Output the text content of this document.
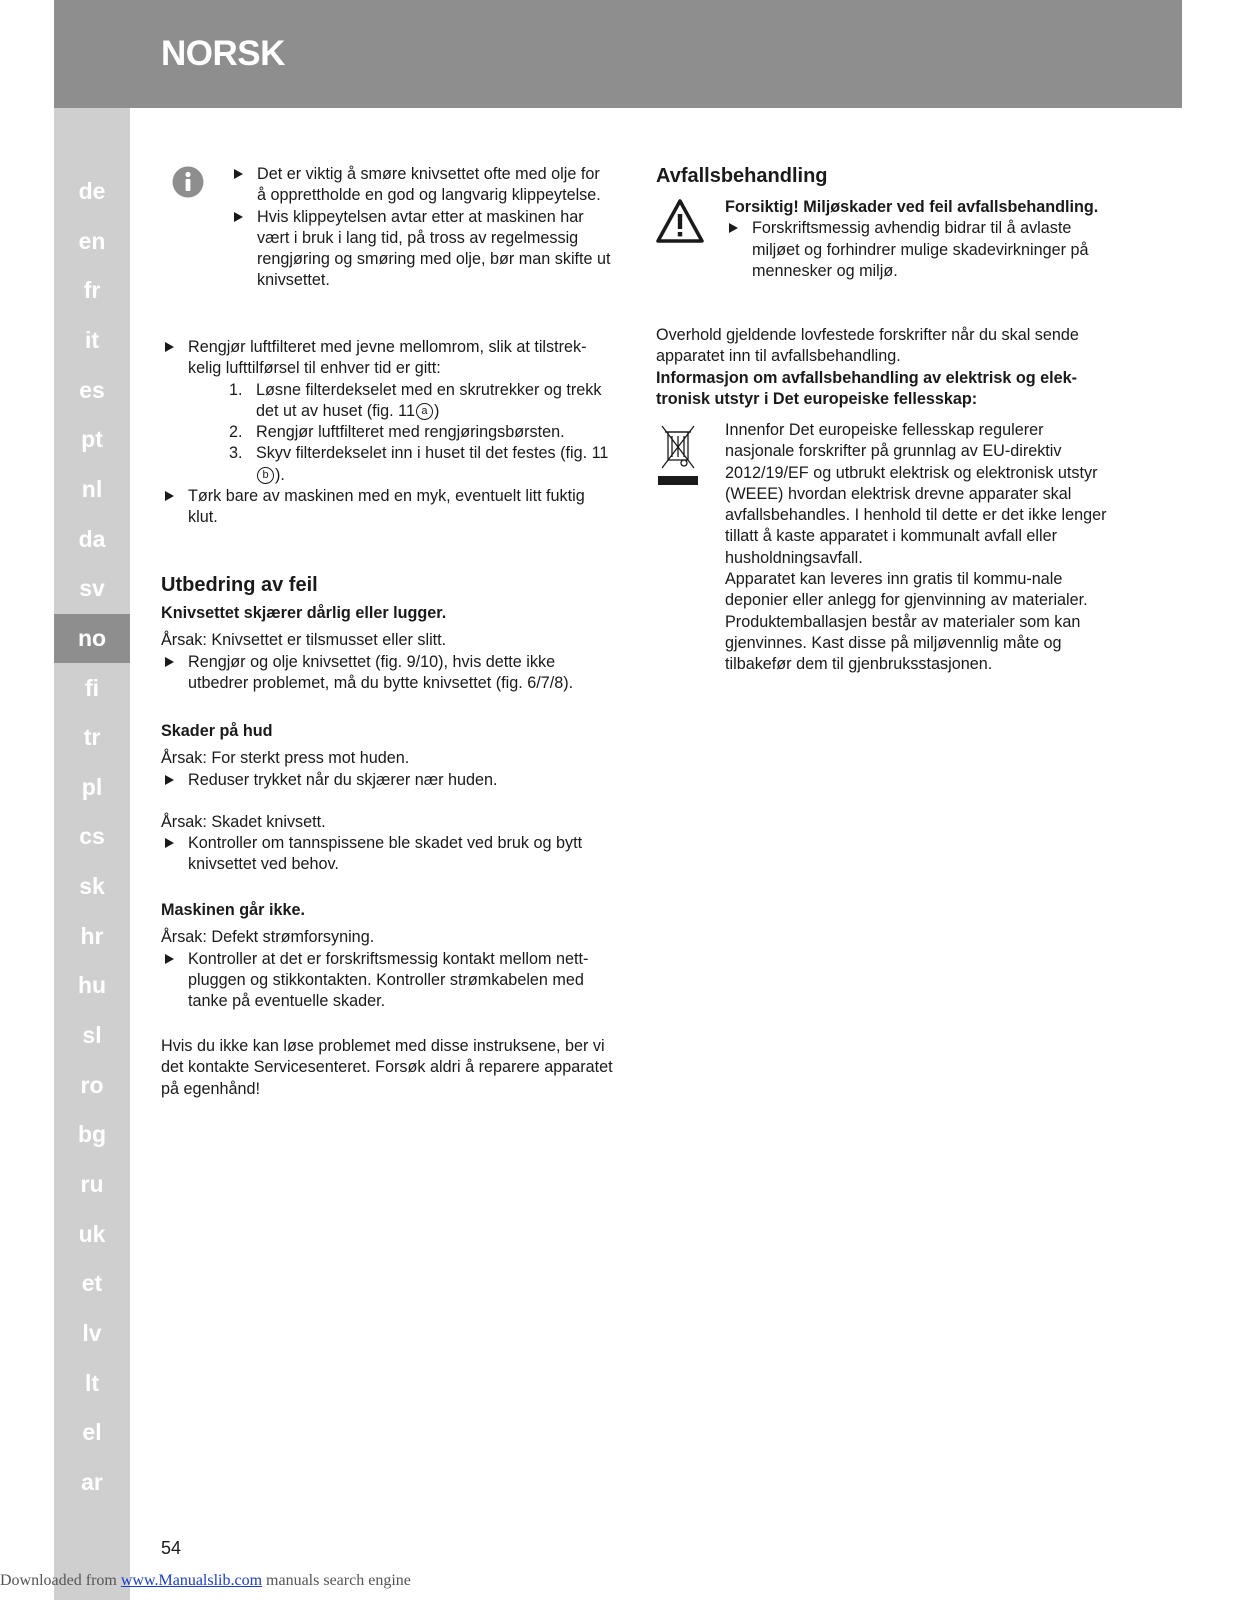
NORSK
de
en
fr
it
es
pt
nl
da
sv
no
fi
tr
pl
cs
sk
hr
hu
sl
ro
bg
ru
uk
et
lv
lt
el
ar

Det er viktig å smøre knivsettet ofte med olje for å opprettholde en god og langvarig klippeytelse.

Hvis klippeytelsen avtar etter at maskinen har vært i bruk i lang tid, på tross av regelmessig rengjøring og smøring med olje, bør man skifte ut knivsettet.

Rengjør luftfilteret med jevne mellomrom, slik at tilstrek-kelig lufttilførsel til enhver tid er gitt:

1. Løsne filterdekselet med en skrutrekker og trekk det ut av huset (fig. 11 a )

2. Rengjør luftfilteret med rengjøringsbørsten.

3. Skyv filterdekselet inn i huset til det festes (fig. 11b ).

Tørk bare av maskinen med en myk, eventuelt litt fuktig klut.

Utbedring av feil
Knivsettet skjærer dårlig eller lugger.

Årsak: Knivsettet er tilsmusset eller slitt.

Rengjør og olje knivsettet (fig. 9/10), hvis dette ikke utbedrer problemet, må du bytte knivsettet (fig. 6/7/8).

Skader på hud

Årsak: For sterkt press mot huden.

Reduser trykket når du skjærer nær huden.

Årsak: Skadet knivsett.

Kontroller om tannspissene ble skadet ved bruk og bytt knivsettet ved behov.

Maskinen går ikke.

Årsak: Defekt strømforsyning.

Kontroller at det er forskriftsmessig kontakt mellom nett-pluggen og stikkontakten. Kontroller strømkabelen med tanke på eventuelle skader.

Hvis du ikke kan løse problemet med disse instruksene, ber vi det kontakte Servicesenteret. Forsøk aldri å reparere apparatet på egenhånd!

Avfallsbehandling
Forsiktig! Miljøskader ved feil avfallsbehandling.

Forskriftsmessig avhendig bidrar til å avlaste miljøet og forhindrer mulige skadevirkninger på mennesker og miljø.

Overhold gjeldende lovfestede forskrifter når du skal sende apparatet inn til avfallsbehandling.

Informasjon om avfallsbehandling av elektrisk og elek-tronisk utstyr i Det europeiske fellesskap:

Innenfor Det europeiske fellesskap regulerer nasjonale forskrifter på grunnlag av EU-direktiv 2012/19/EF og utbrukt elektrisk og elektronisk utstyr (WEEE) hvordan elektrisk drevne apparater skal avfallsbehandles. I henhold til dette er det ikke lenger tillatt å kaste apparatet i kommunalt avfall eller husholdningsavfall.

Apparatet kan leveres inn gratis til kommu-nale deponier eller anlegg for gjenvinning av materialer.

Produktemballasjen består av materialer som kan gjenvinnes. Kast disse på miljøvennlig måte og tilbakefør dem til gjenbruksstasjonen.

54
Downloaded from www.Manualslib.com manuals search engine
